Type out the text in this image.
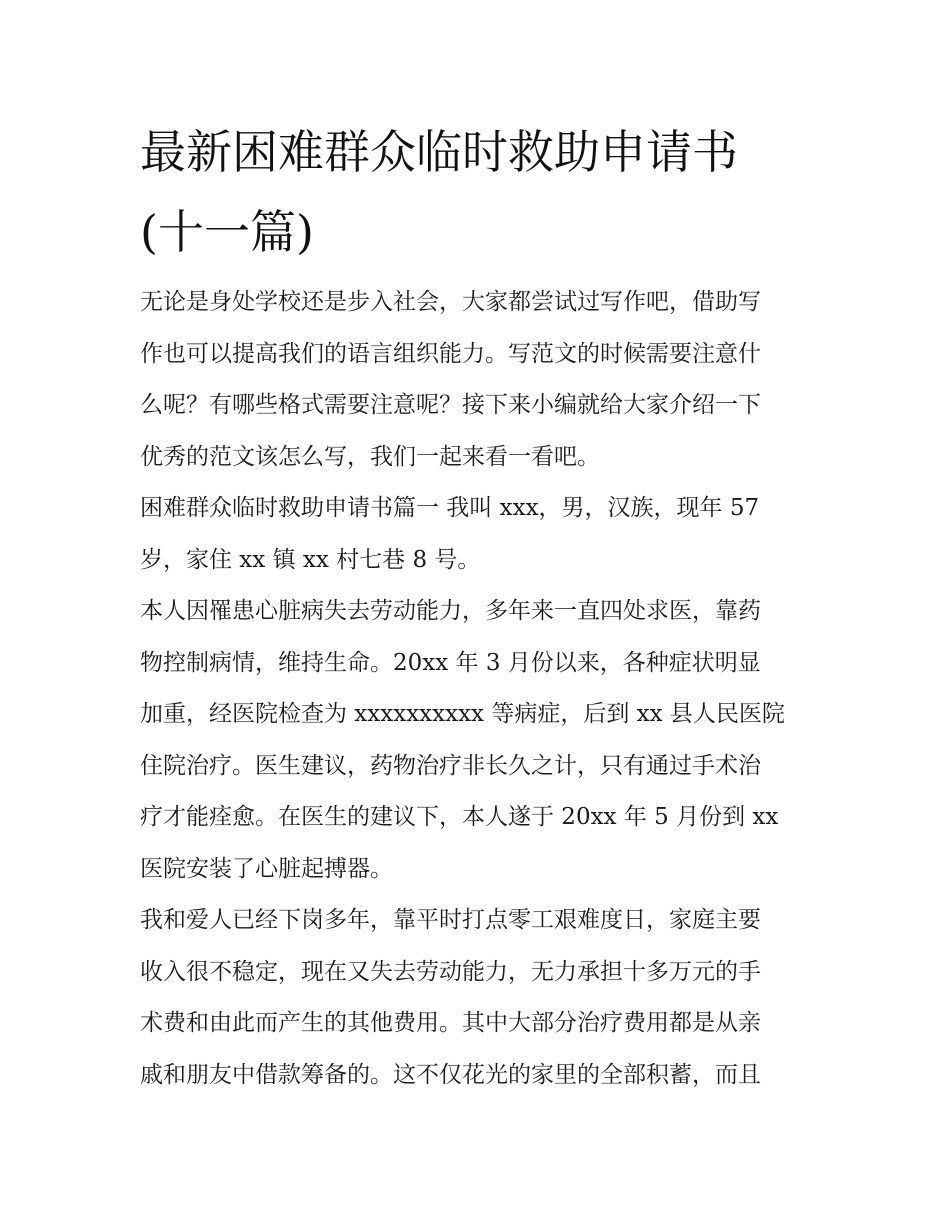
最新困难群众临时救助申请书
(十一篇)

无论是身处学校还是步入社会，大家都尝试过写作吧，借助写
作也可以提高我们的语言组织能力。写范文的时候需要注意什
么呢？有哪些格式需要注意呢？接下来小编就给大家介绍一下
优秀的范文该怎么写，我们一起来看一看吧。

困难群众临时救助申请书篇一 我叫 xxx，男，汉族，现年 57
岁，家住 xx 镇 xx 村七巷 8 号。

本人因罹患心脏病失去劳动能力，多年来一直四处求医，靠药
物控制病情，维持生命。20xx 年 3 月份以来，各种症状明显
加重，经医院检查为 xxxxxxxxxx 等病症，后到 xx 县人民医院
住院治疗。医生建议，药物治疗非长久之计，只有通过手术治
疗才能痊愈。在医生的建议下，本人遂于 20xx 年 5 月份到 xx
医院安装了心脏起搏器。

我和爱人已经下岗多年，靠平时打点零工艰难度日，家庭主要
收入很不稳定，现在又失去劳动能力，无力承担十多万元的手
术费和由此而产生的其他费用。其中大部分治疗费用都是从亲
戚和朋友中借款筹备的。这不仅花光的家里的全部积蓄，而且
